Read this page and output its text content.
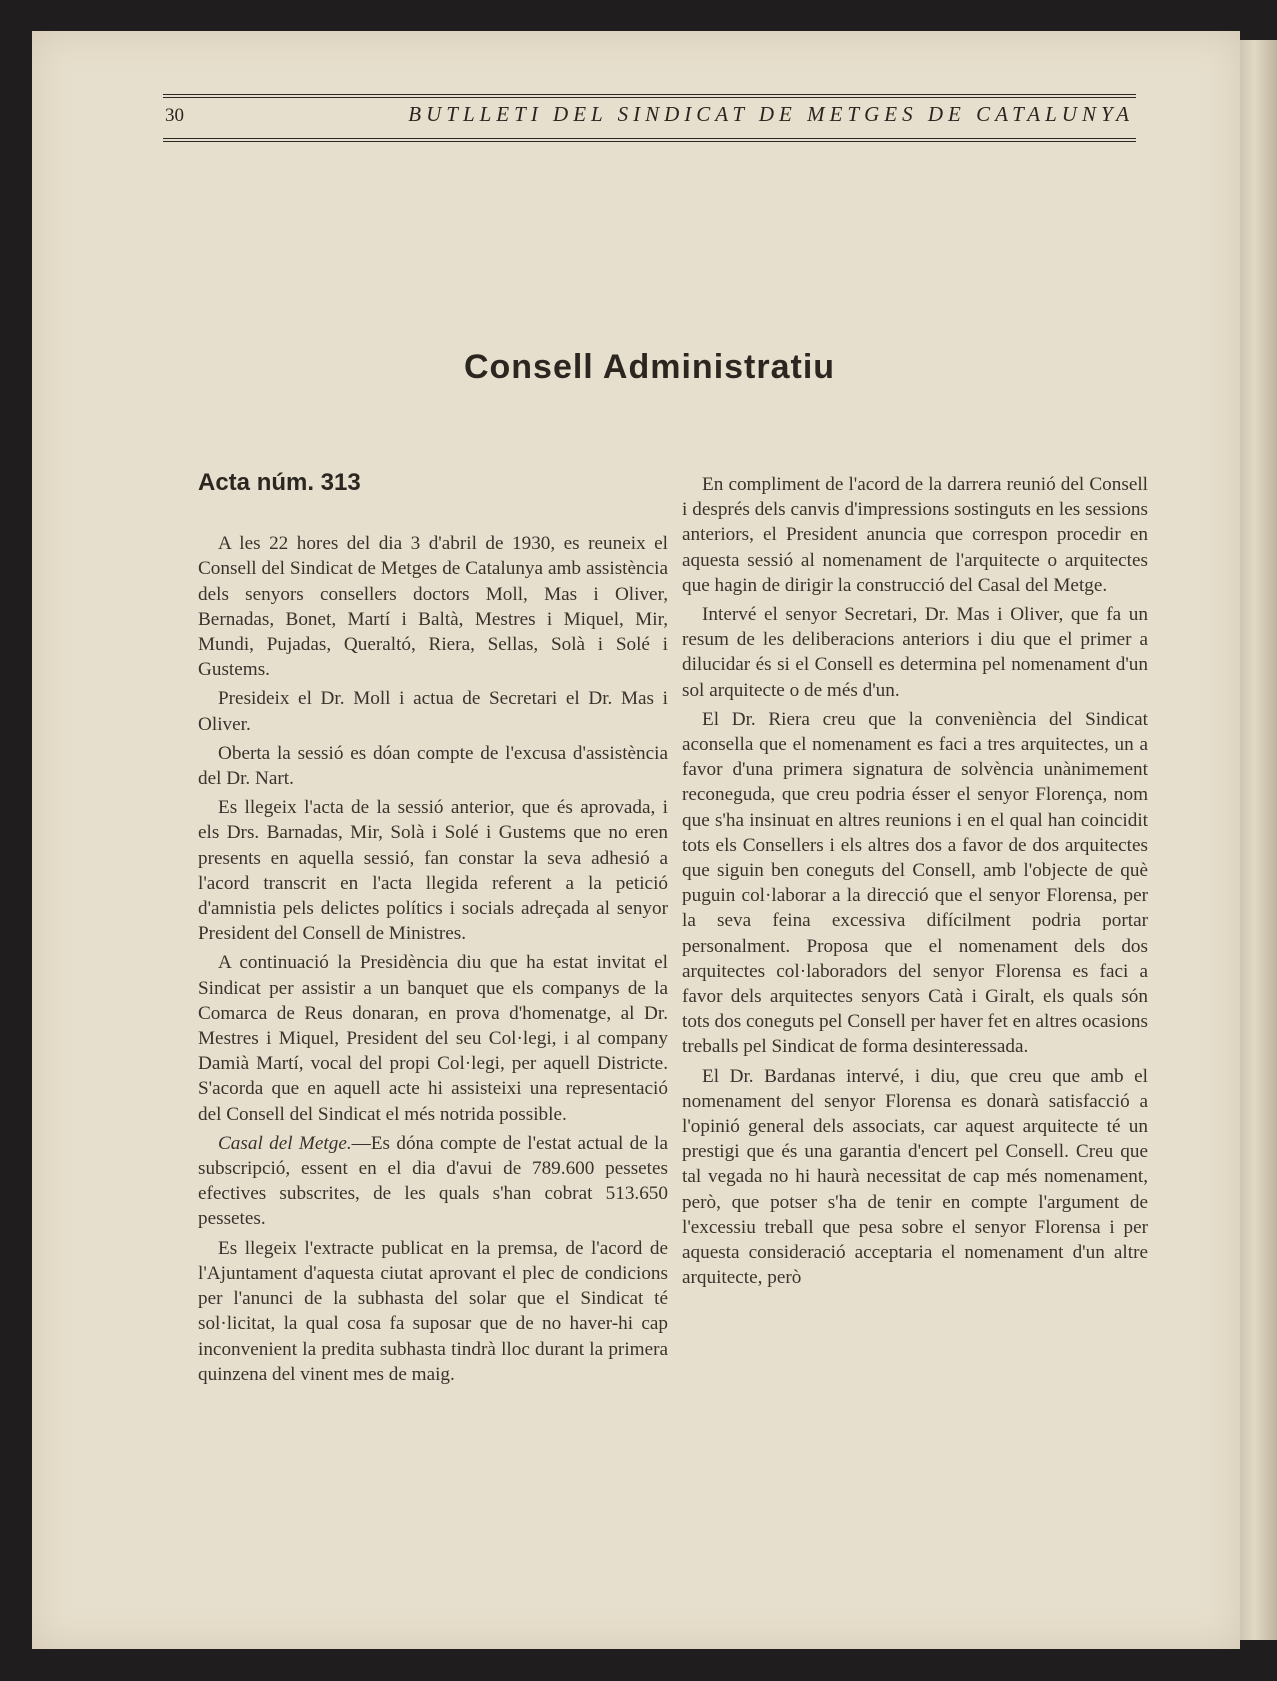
30	BUTLLETI DEL SINDICAT DE METGES DE CATALUNYA
Consell Administratiu
Acta núm. 313

A les 22 hores del dia 3 d'abril de 1930, es reuneix el Consell del Sindicat de Metges de Catalunya amb assistència dels senyors consellers doctors Moll, Mas i Oliver, Bernadas, Bonet, Martí i Baltà, Mestres i Miquel, Mir, Mundi, Pujadas, Queraltó, Riera, Sellas, Solà i Solé i Gustems.

Presideix el Dr. Moll i actua de Secretari el Dr. Mas i Oliver.

Oberta la sessió es dóan compte de l'excusa d'assistència del Dr. Nart.

Es llegeix l'acta de la sessió anterior, que és aprovada, i els Drs. Barnadas, Mir, Solà i Solé i Gustems que no eren presents en aquella sessió, fan constar la seva adhesió a l'acord transcrit en l'acta llegida referent a la petició d'amnistia pels delictes polítics i socials adreçada al senyor President del Consell de Ministres.

A continuació la Presidència diu que ha estat invitat el Sindicat per assistir a un banquet que els companys de la Comarca de Reus donaran, en prova d'homenatge, al Dr. Mestres i Miquel, President del seu Col·legi, i al company Damià Martí, vocal del propi Col·legi, per aquell Districte. S'acorda que en aquell acte hi assisteixi una representació del Consell del Sindicat el més notrida possible.

Casal del Metge.—Es dóna compte de l'estat actual de la subscripció, essent en el dia d'avui de 789.600 pessetes efectives subscrites, de les quals s'han cobrat 513.650 pessetes.

Es llegeix l'extracte publicat en la premsa, de l'acord de l'Ajuntament d'aquesta ciutat aprovant el plec de condicions per l'anunci de la subhasta del solar que el Sindicat té sol·licitat, la qual cosa fa suposar que de no haver-hi cap inconvenient la predita subhasta tindrà lloc durant la primera quinzena del vinent mes de maig.

En compliment de l'acord de la darrera reunió del Consell i després dels canvis d'impressions sostinguts en les sessions anteriors, el President anuncia que correspon procedir en aquesta sessió al nomenament de l'arquitecte o arquitectes que hagin de dirigir la construcció del Casal del Metge.

Intervé el senyor Secretari, Dr. Mas i Oliver, que fa un resum de les deliberacions anteriors i diu que el primer a dilucidar és si el Consell es determina pel nomenament d'un sol arquitecte o de més d'un.

El Dr. Riera creu que la conveniència del Sindicat aconsella que el nomenament es faci a tres arquitectes, un a favor d'una primera signatura de solvència unànimement reconeguda, que creu podria ésser el senyor Florença, nom que s'ha insinuat en altres reunions i en el qual han coincidit tots els Consellers i els altres dos a favor de dos arquitectes que siguin ben coneguts del Consell, amb l'objecte de què puguin col·laborar a la direcció que el senyor Florensa, per la seva feina excessiva difícilment podria portar personalment. Proposa que el nomenament dels dos arquitectes col·laboradors del senyor Florensa es faci a favor dels arquitectes senyors Catà i Giralt, els quals són tots dos coneguts pel Consell per haver fet en altres ocasions treballs pel Sindicat de forma desinteressada.

El Dr. Bardanas intervé, i diu, que creu que amb el nomenament del senyor Florensa es donarà satisfacció a l'opinió general dels associats, car aquest arquitecte té un prestigi que és una garantia d'encert pel Consell. Creu que tal vegada no hi haurà necessitat de cap més nomenament, però, que potser s'ha de tenir en compte l'argument de l'excessiu treball que pesa sobre el senyor Florensa i per aquesta consideració acceptaria el nomenament d'un altre arquitecte, però
